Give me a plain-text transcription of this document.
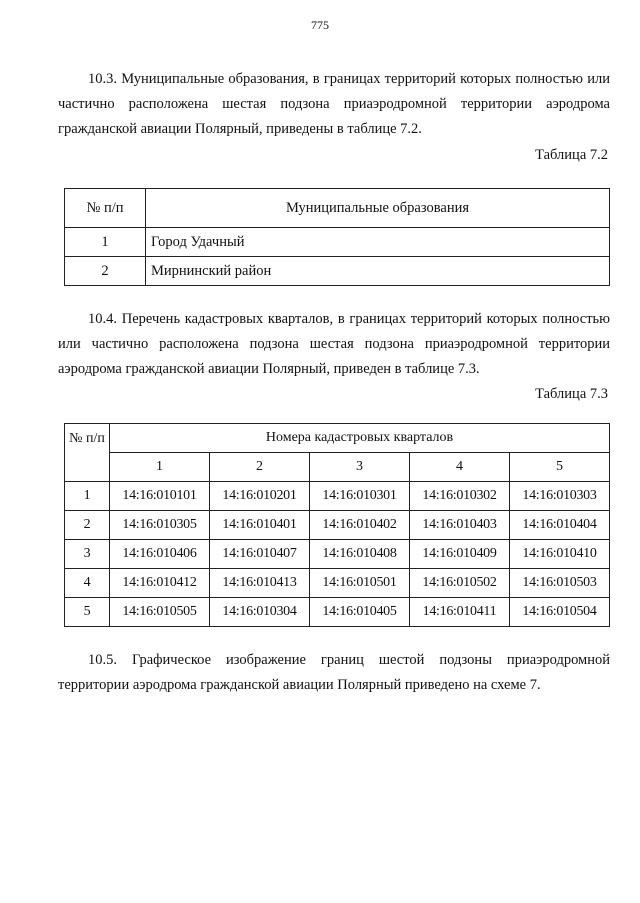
775

10.3. Муниципальные образования, в границах территорий которых полностью или частично расположена шестая подзона приаэродромной территории аэродрома гражданской авиации Полярный, приведены в таблице 7.2.

Таблица 7.2
№ п/п	Муниципальные образования
1	Город Удачный
2	Мирнинский район

10.4. Перечень кадастровых кварталов, в границах территорий которых полностью или частично расположена подзона шестая подзона приаэродромной территории аэродрома гражданской авиации Полярный, приведен в таблице 7.3.

Таблица 7.3
№ п/п	Номера кадастровых кварталов				
	1	2	3	4	5
1	14:16:010101	14:16:010201	14:16:010301	14:16:010302	14:16:010303
2	14:16:010305	14:16:010401	14:16:010402	14:16:010403	14:16:010404
3	14:16:010406	14:16:010407	14:16:010408	14:16:010409	14:16:010410
4	14:16:010412	14:16:010413	14:16:010501	14:16:010502	14:16:010503
5	14:16:010505	14:16:010304	14:16:010405	14:16:010411	14:16:010504

10.5. Графическое изображение границ шестой подзоны приаэродромной территории аэродрома гражданской авиации Полярный приведено на схеме 7.
